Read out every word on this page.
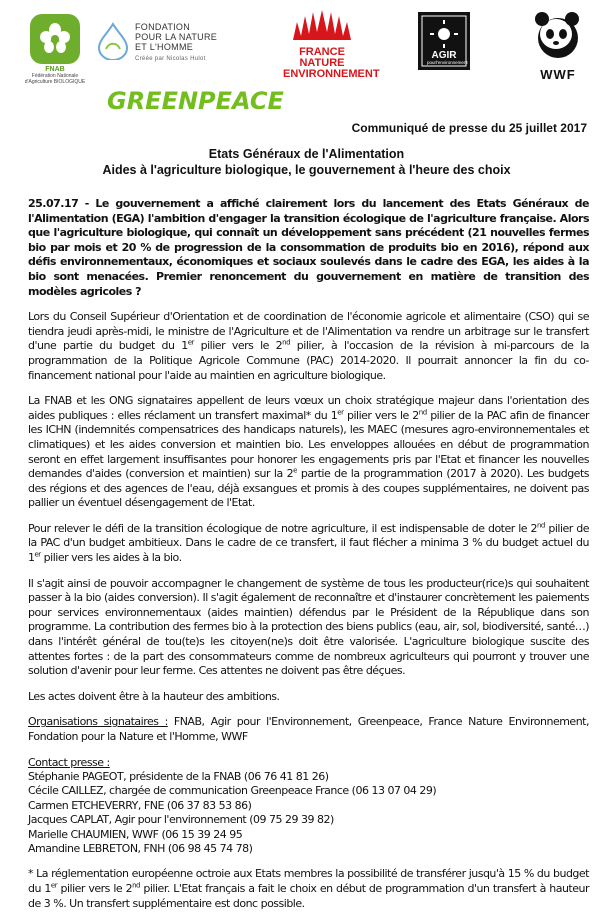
FNAB
Fédération Nationale d'Agriculture BIOLOGIQUE
FONDATION
POUR LA NATURE
ET L'HOMME
Créée par Nicolas Hulot
FRANCE NATURE
ENVIRONNEMENT
AGIR
pour l'environnement
WWF
GREENPEACE
Communiqué de presse du 25 juillet 2017
Etats Généraux de l'Alimentation
Aides à l'agriculture biologique, le gouvernement à l'heure des choix

25.07.17 - Le gouvernement a affiché clairement lors du lancement des Etats Généraux de l'Alimentation (EGA) l'ambition d'engager la transition écologique de l'agriculture française. Alors que l'agriculture biologique, qui connaît un développement sans précédent (21 nouvelles fermes bio par mois et 20 % de progression de la consommation de produits bio en 2016), répond aux défis environnementaux, économiques et sociaux soulevés dans le cadre des EGA, les aides à la bio sont menacées. Premier renoncement du gouvernement en matière de transition des modèles agricoles ?

Lors du Conseil Supérieur d'Orientation et de coordination de l'économie agricole et alimentaire (CSO) qui se tiendra jeudi après-midi, le ministre de l'Agriculture et de l'Alimentation va rendre un arbitrage sur le transfert d'une partie du budget du 1er pilier vers le 2nd pilier, à l'occasion de la révision à mi-parcours de la programmation de la Politique Agricole Commune (PAC) 2014-2020. Il pourrait annoncer la fin du co-financement national pour l'aide au maintien en agriculture biologique.

La FNAB et les ONG signataires appellent de leurs vœux un choix stratégique majeur dans l'orientation des aides publiques : elles réclament un transfert maximal* du 1er pilier vers le 2nd pilier de la PAC afin de financer les ICHN (indemnités compensatrices des handicaps naturels), les MAEC (mesures agro-environnementales et climatiques) et les aides conversion et maintien bio. Les enveloppes allouées en début de programmation seront en effet largement insuffisantes pour honorer les engagements pris par l'Etat et financer les nouvelles demandes d'aides (conversion et maintien) sur la 2e partie de la programmation (2017 à 2020). Les budgets des régions et des agences de l'eau, déjà exsangues et promis à des coupes supplémentaires, ne doivent pas pallier un éventuel désengagement de l'Etat.

Pour relever le défi de la transition écologique de notre agriculture, il est indispensable de doter le 2nd pilier de la PAC d'un budget ambitieux. Dans le cadre de ce transfert, il faut flécher a minima 3 % du budget actuel du 1er pilier vers les aides à la bio.

Il s'agit ainsi de pouvoir accompagner le changement de système de tous les producteur(rice)s qui souhaitent passer à la bio (aides conversion). Il s'agit également de reconnaître et d'instaurer concrètement les paiements pour services environnementaux (aides maintien) défendus par le Président de la République dans son programme. La contribution des fermes bio à la protection des biens publics (eau, air, sol, biodiversité, santé…) dans l'intérêt général de tou(te)s les citoyen(ne)s doit être valorisée. L'agriculture biologique suscite des attentes fortes : de la part des consommateurs comme de nombreux agriculteurs qui pourront y trouver une solution d'avenir pour leur ferme. Ces attentes ne doivent pas être déçues.

Les actes doivent être à la hauteur des ambitions.

Organisations signataires : FNAB, Agir pour l'Environnement, Greenpeace, France Nature Environnement, Fondation pour la Nature et l'Homme, WWF

Contact presse :
Stéphanie PAGEOT, présidente de la FNAB (06 76 41 81 26)
Cécile CAILLEZ, chargée de communication Greenpeace France (06 13 07 04 29)
Carmen ETCHEVERRY, FNE (06 37 83 53 86)
Jacques CAPLAT, Agir pour l'environnement (09 75 29 39 82)
Marielle CHAUMIEN, WWF (06 15 39 24 95
Amandine LEBRETON, FNH (06 98 45 74 78)

* La réglementation européenne octroie aux Etats membres la possibilité de transférer jusqu'à 15 % du budget du 1er pilier vers le 2nd pilier. L'Etat français a fait le choix en début de programmation d'un transfert à hauteur de 3 %. Un transfert supplémentaire est donc possible.
